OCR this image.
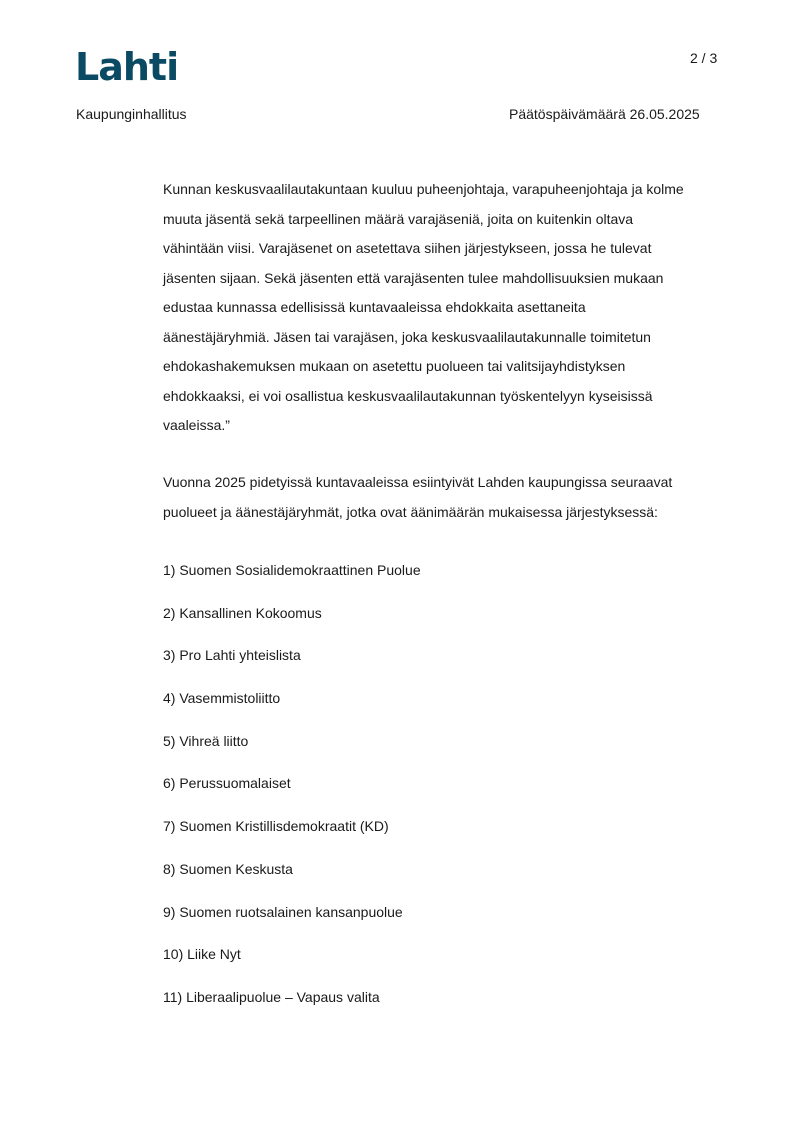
Lahti	2 / 3
Kaupunginhallitus	Päätöspäivämäärä 26.05.2025
Kunnan keskusvaalilautakuntaan kuuluu puheenjohtaja, varapuheenjohtaja ja kolme
muuta jäsentä sekä tarpeellinen määrä varajäseniä, joita on kuitenkin oltava
vähintään viisi. Varajäsenet on asetettava siihen järjestykseen, jossa he tulevat
jäsenten sijaan. Sekä jäsenten että varajäsenten tulee mahdollisuuksien mukaan
edustaa kunnassa edellisissä kuntavaaleissa ehdokkaita asettaneita
äänestäjäryhmiä. Jäsen tai varajäsen, joka keskusvaalilautakunnalle toimitetun
ehdokashakemuksen mukaan on asetettu puolueen tai valitsijayhdistyksen
ehdokkaaksi, ei voi osallistua keskusvaalilautakunnan työskentelyyn kyseisissä
vaaleissa.”
Vuonna 2025 pidetyissä kuntavaaleissa esiintyivät Lahden kaupungissa seuraavat
puolueet ja äänestäjäryhmät, jotka ovat äänimäärän mukaisessa järjestyksessä:
1) Suomen Sosialidemokraattinen Puolue
2) Kansallinen Kokoomus
3) Pro Lahti yhteislista
4) Vasemmistoliitto
5) Vihreä liitto
6) Perussuomalaiset
7) Suomen Kristillisdemokraatit (KD)
8) Suomen Keskusta
9) Suomen ruotsalainen kansanpuolue
10) Liike Nyt
11) Liberaalipuolue – Vapaus valita
